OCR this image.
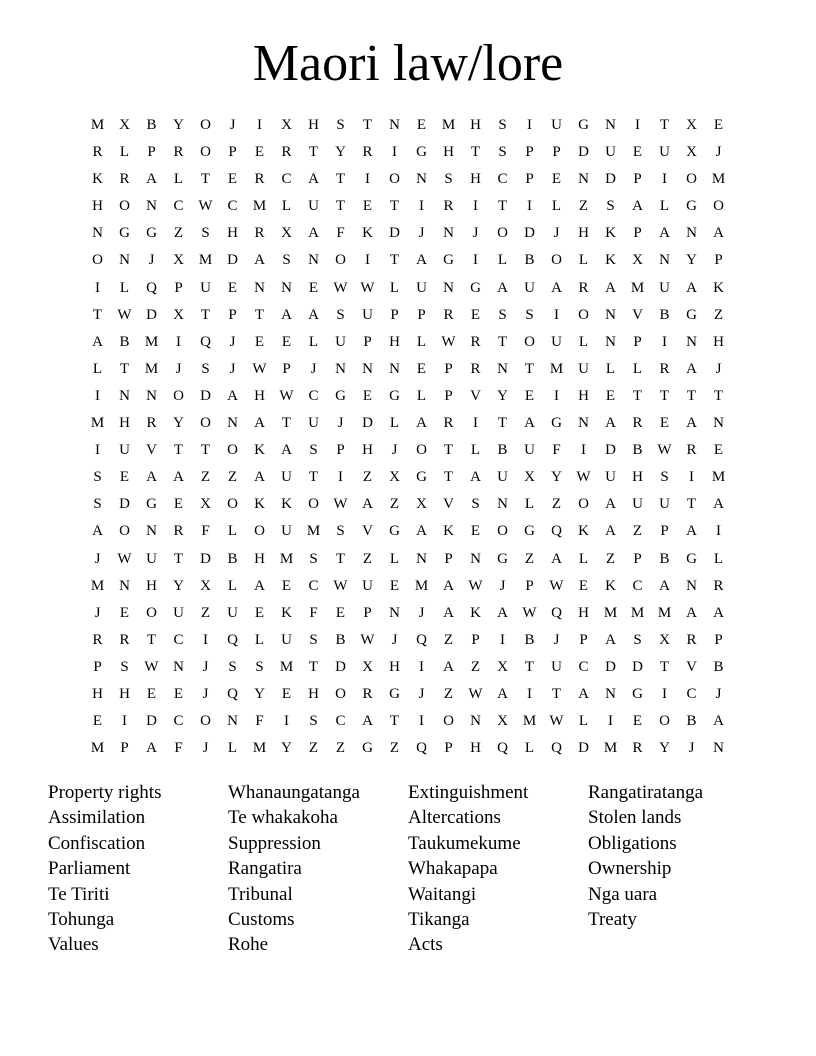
Maori law/lore
M X	B	Y	O	J	I	X	H	S	T	N	E	M H	S	I	U	G	N	I	T	X	E
R	L	P	R	O	P	E	R	T	Y	R	I	G	H	T	S	P	P	D	U	E	U	X	J
K	R	A	L	T	E	R	C	A	T	I	O	N	S	H	C	P	E	N	D	P	I	O M
H	O	N	C W C	M	L	U	T	E	T	I	R	I	T	I	L	Z	S	A	L	G	O
N	G	G	Z	S	H	R	X	A	F	K	D	J	N	J	O	D	J	H	K	P	A	N	A
O	N	J	X M D	A	S	N	O	I	T	A	G	I	L	B	O	L	K	X	N	Y	P
I	L	Q	P	U	E	N	N	E	W W	L	U	N	G	A	U	A	R	A M U	A	K
T	W D	X	T	P	T	A	A	S	U	P	P	R	E	S	S	I	O	N	V	B	G	Z
A	B	M	I	Q	J	E	E	L	U	P	H	L	W R	T	O	U	L	N	P	I	N	H
L	T	M	J	S	J	W	P	J	N	N	N	E	P	R	N	T	M U	L	L	R	A	J
I	N	N	O	D	A	H W C	G	E	G	L	P	V	Y	E	I	H	E	T	T	T	T
M H	R	Y	O	N	A	T	U	J	D	L	A	R	I	T	A	G	N	A	R	E	A	N
I	U	V	T	T	O	K	A	S	P	H	J	O	T	L	B	U	F	I	D	B W R	E
S	E	A	A	Z	Z	A	U	T	I	Z	X	G	T	A	U	X	Y W U	H	S	I	M
S	D	G	E	X	O	K	K	O W A	Z	X	V	S	N	L	Z	O	A	U	U	T	A
A	O	N	R	F	L	O	U M	S	V	G	A	K	E	O	G	Q	K	A	Z	P	A	I
J	W U	T	D	B	H M	S	T	Z	L	N	P	N	G	Z	A	L	Z	P	B	G	L
M N	H	Y	X	L	A	E	C W U	E	M A W	J	P	W	E	K	C	A	N	R
J	E	O	U	Z	U	E	K	F	E	P	N	J	A	K	A W Q	H M M M A	A
R	R	T	C	I	Q	L	U	S	B W	J	Q	Z	P	I	B	J	P	A	S	X	R	P
P	S	W N	J	S	S	M	T	D	X	H	I	A	Z	X	T	U	C	D	D	T	V	B
H	H	E	E	J	Q	Y	E	H	O	R	G	J	Z	W A	I	T	A	N	G	I	C	J
E	I	D	C	O	N	F	I	S	C	A	T	I	O	N	X M W	L	I	E	O	B	A
M	P	A	F	J	L	M Y	Z	Z	G	Z	Q	P	H	Q	L	Q	D M	R	Y	J	N
Property rights
Assimilation
Confiscation
Parliament
Te Tiriti
Tohunga
Values
Whanaungatanga
Te whakakoha
Suppression
Rangatira
Tribunal
Customs
Rohe
Extinguishment
Altercations
Taukumekume
Whakapapa
Waitangi
Tikanga
Acts
Rangatiratanga
Stolen lands
Obligations
Ownership
Nga uara
Treaty
